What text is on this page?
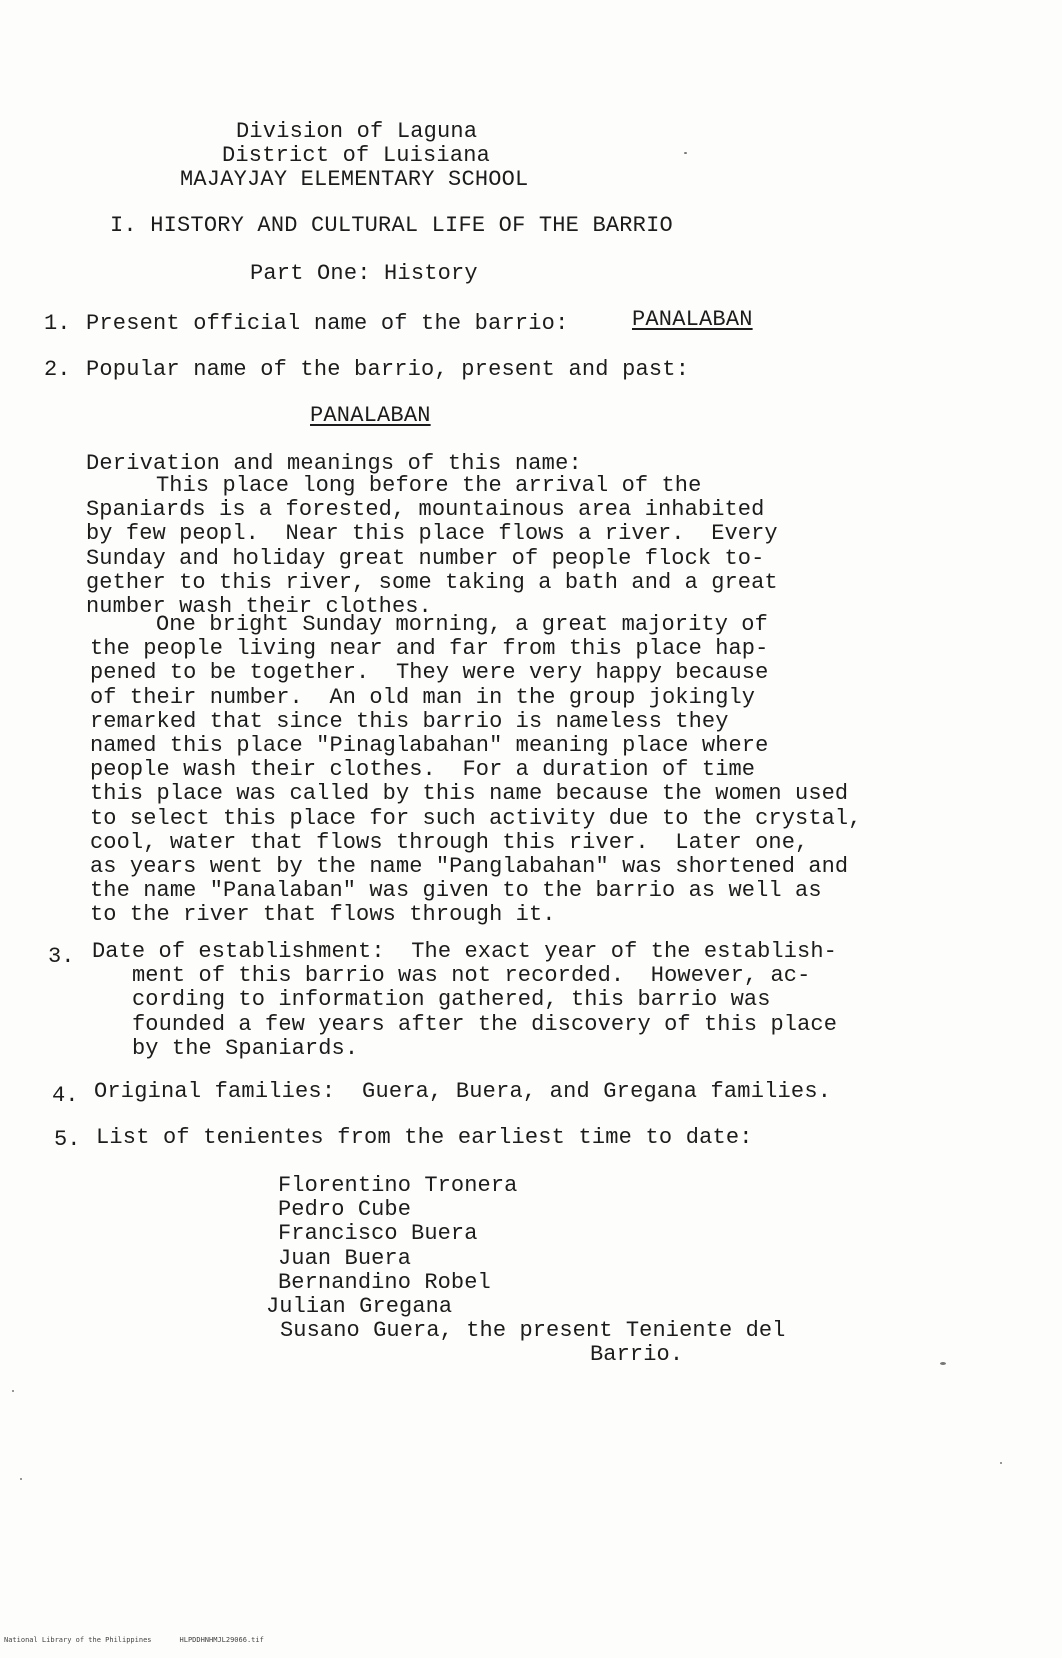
Division of Laguna
District of Luisiana
MAJAYJAY ELEMENTARY SCHOOL
I. HISTORY AND CULTURAL LIFE OF THE BARRIO
Part One: History
1. Present official name of the barrio:	PANALABAN
2. Popular name of the barrio, present and past:
PANALABAN
Derivation and meanings of this name:
This place long before the arrival of the
Spaniards is a forested, mountainous area inhabited
by few peopl.  Near this place flows a river.  Every
Sunday and holiday great number of people flock to-
gether to this river, some taking a bath and a great
number wash their clothes.
One bright Sunday morning, a great majority of
the people living near and far from this place hap-
pened to be together.  They were very happy because
of their number.  An old man in the group jokingly
remarked that since this barrio is nameless they
named this place "Pinaglabahan" meaning place where
people wash their clothes.  For a duration of time
this place was called by this name because the women used
to select this place for such activity due to the crystal,
cool, water that flows through this river.  Later one,
as years went by the name "Panglabahan" was shortened and
the name "Panalaban" was given to the barrio as well as
to the river that flows through it.
3. Date of establishment:  The exact year of the establish-
ment of this barrio was not recorded.  However, ac-
cording to information gathered, this barrio was
founded a few years after the discovery of this place
by the Spaniards.
4. Original families:  Guera, Buera, and Gregana families.
5. List of tenientes from the earliest time to date:
Florentino Tronera
Pedro Cube
Francisco Buera
Juan Buera
Bernandino Robel
Julian Gregana
Susano Guera, the present Teniente del
Barrio.
National Library of the Philippines	HLPDDHNHMJL29066.tif
